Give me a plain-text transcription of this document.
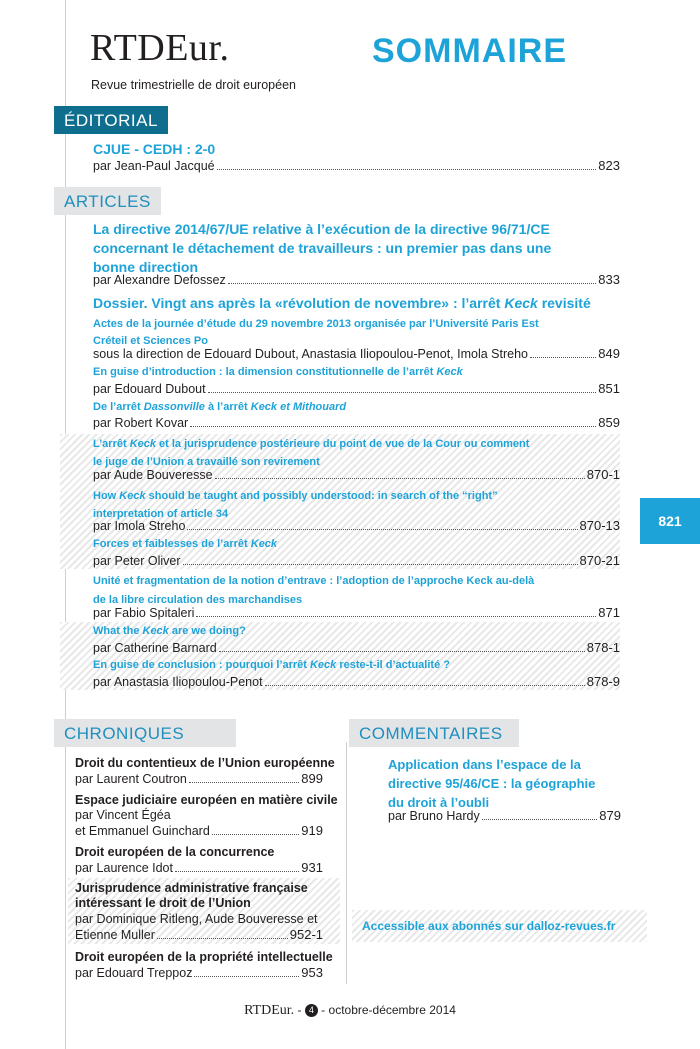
RTDEur.
Revue trimestrielle de droit européen
SOMMAIRE
ÉDITORIAL
CJUE - CEDH : 2-0
par Jean-Paul Jacqué	823
ARTICLES
La directive 2014/67/UE relative à l’exécution de la directive 96/71/CE
concernant le détachement de travailleurs : un premier pas dans une
bonne direction
par Alexandre Defossez	833
Dossier. Vingt ans après la «révolution de novembre» : l’arrêt Keck revisité
Actes de la journée d’étude du 29 novembre 2013 organisée par l’Université Paris Est
Créteil et Sciences Po
sous la direction de Edouard Dubout, Anastasia Iliopoulou-Penot, Imola Streho	849
En guise d’introduction : la dimension constitutionnelle de l’arrêt Keck
par Edouard Dubout	851
De l’arrêt Dassonville à l’arrêt Keck et Mithouard
par Robert Kovar	859
L’arrêt Keck et la jurisprudence postérieure du point de vue de la Cour ou comment
le juge de l’Union a travaillé son revirement
par Aude Bouveresse	870-1
How Keck should be taught and possibly understood: in search of the “right”
interpretation of article 34
par Imola Streho	870-13
Forces et faiblesses de l’arrêt Keck
par Peter Oliver	870-21
Unité et fragmentation de la notion d’entrave : l’adoption de l’approche Keck au-delà
de la libre circulation des marchandises
par Fabio Spitaleri	871
What the Keck are we doing?
par Catherine Barnard	878-1
En guise de conclusion : pourquoi l’arrêt Keck reste-t-il d’actualité ?
par Anastasia Iliopoulou-Penot	878-9
821
CHRONIQUES
Droit du contentieux de l’Union européenne
par Laurent Coutron	899
Espace judiciaire européen en matière civile
par Vincent Égéa
et Emmanuel Guinchard	919
Droit européen de la concurrence
par Laurence Idot	931
Jurisprudence administrative française
intéressant le droit de l’Union
par Dominique Ritleng, Aude Bouveresse et
Etienne Muller	952-1
Droit européen de la propriété intellectuelle
par Edouard Treppoz	953
COMMENTAIRES
Application dans l’espace de la
directive 95/46/CE : la géographie
du droit à l’oubli
par Bruno Hardy	879
Accessible aux abonnés sur dalloz-revues.fr
RTDEur. - 4 - octobre-décembre 2014
